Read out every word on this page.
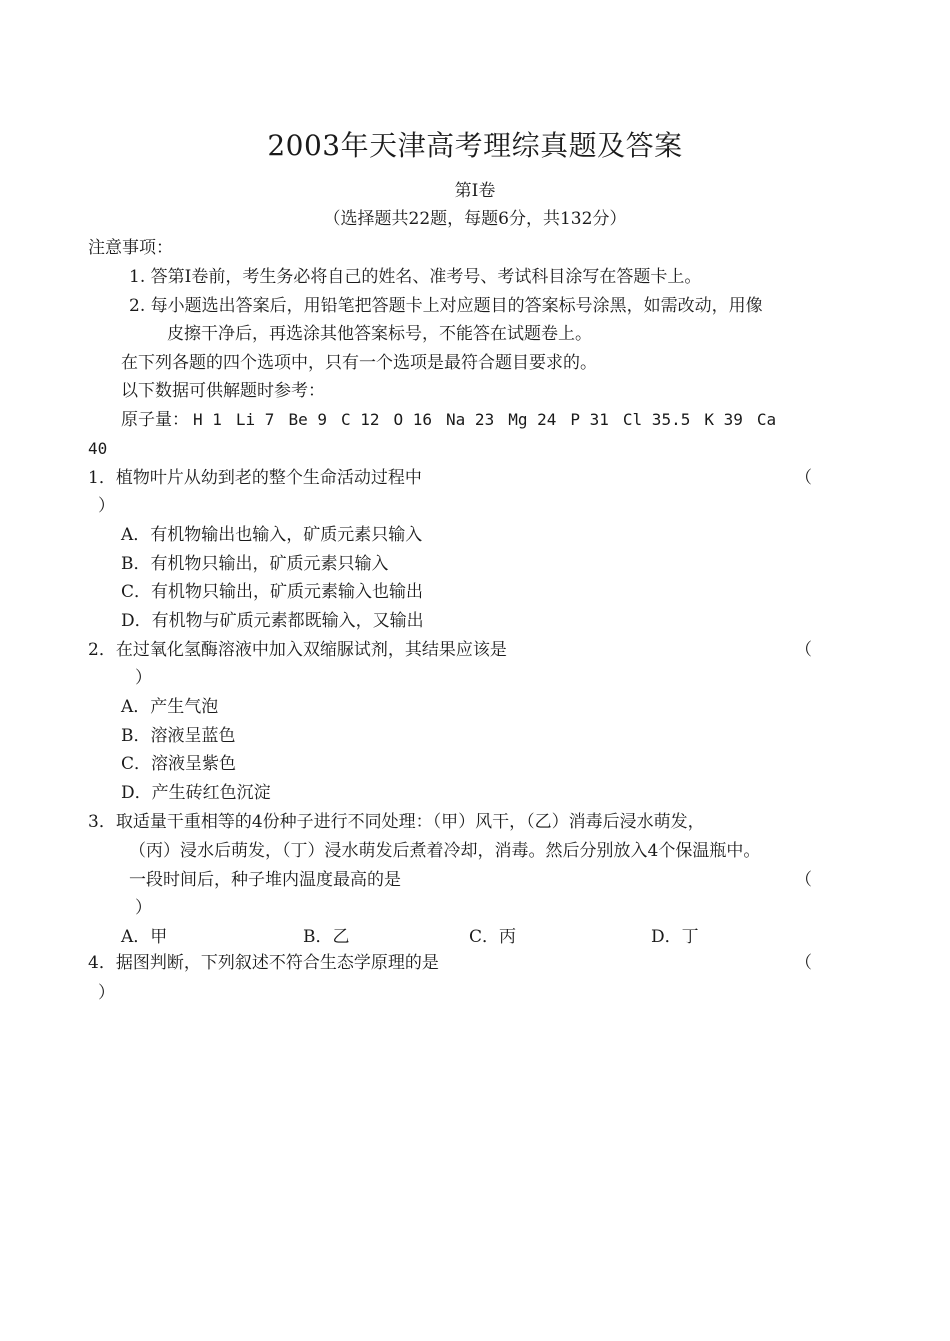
2003年天津高考理综真题及答案
第Ⅰ卷
（选择题共22题，每题6分，共132分）
注意事项：
1. 答第Ⅰ卷前，考生务必将自己的姓名、准考号、考试科目涂写在答题卡上。
2. 每小题选出答案后，用铅笔把答题卡上对应题目的答案标号涂黑，如需改动，用像
皮擦干净后，再选涂其他答案标号，不能答在试题卷上。
在下列各题的四个选项中，只有一个选项是最符合题目要求的。
以下数据可供解题时参考：
原子量： H 1 Li 7 Be 9 C 12 O 16 Na 23 Mg 24 P 31 Cl 35.5 K 39 Ca
40
1．植物叶片从幼到老的整个生命活动过程中	（
）
A．有机物输出也输入，矿质元素只输入
B．有机物只输出，矿质元素只输入
C．有机物只输出，矿质元素输入也输出
D．有机物与矿质元素都既输入，又输出
2．在过氧化氢酶溶液中加入双缩脲试剂，其结果应该是	（
）
A．产生气泡
B．溶液呈蓝色
C．溶液呈紫色
D．产生砖红色沉淀
3．取适量干重相等的4份种子进行不同处理：（甲）风干，（乙）消毒后浸水萌发，
（丙）浸水后萌发，（丁）浸水萌发后煮着冷却，消毒。然后分别放入4个保温瓶中。
一段时间后，种子堆内温度最高的是	（
）
A．甲	B．乙	C．丙	D．丁
4．据图判断，下列叙述不符合生态学原理的是	（
）
